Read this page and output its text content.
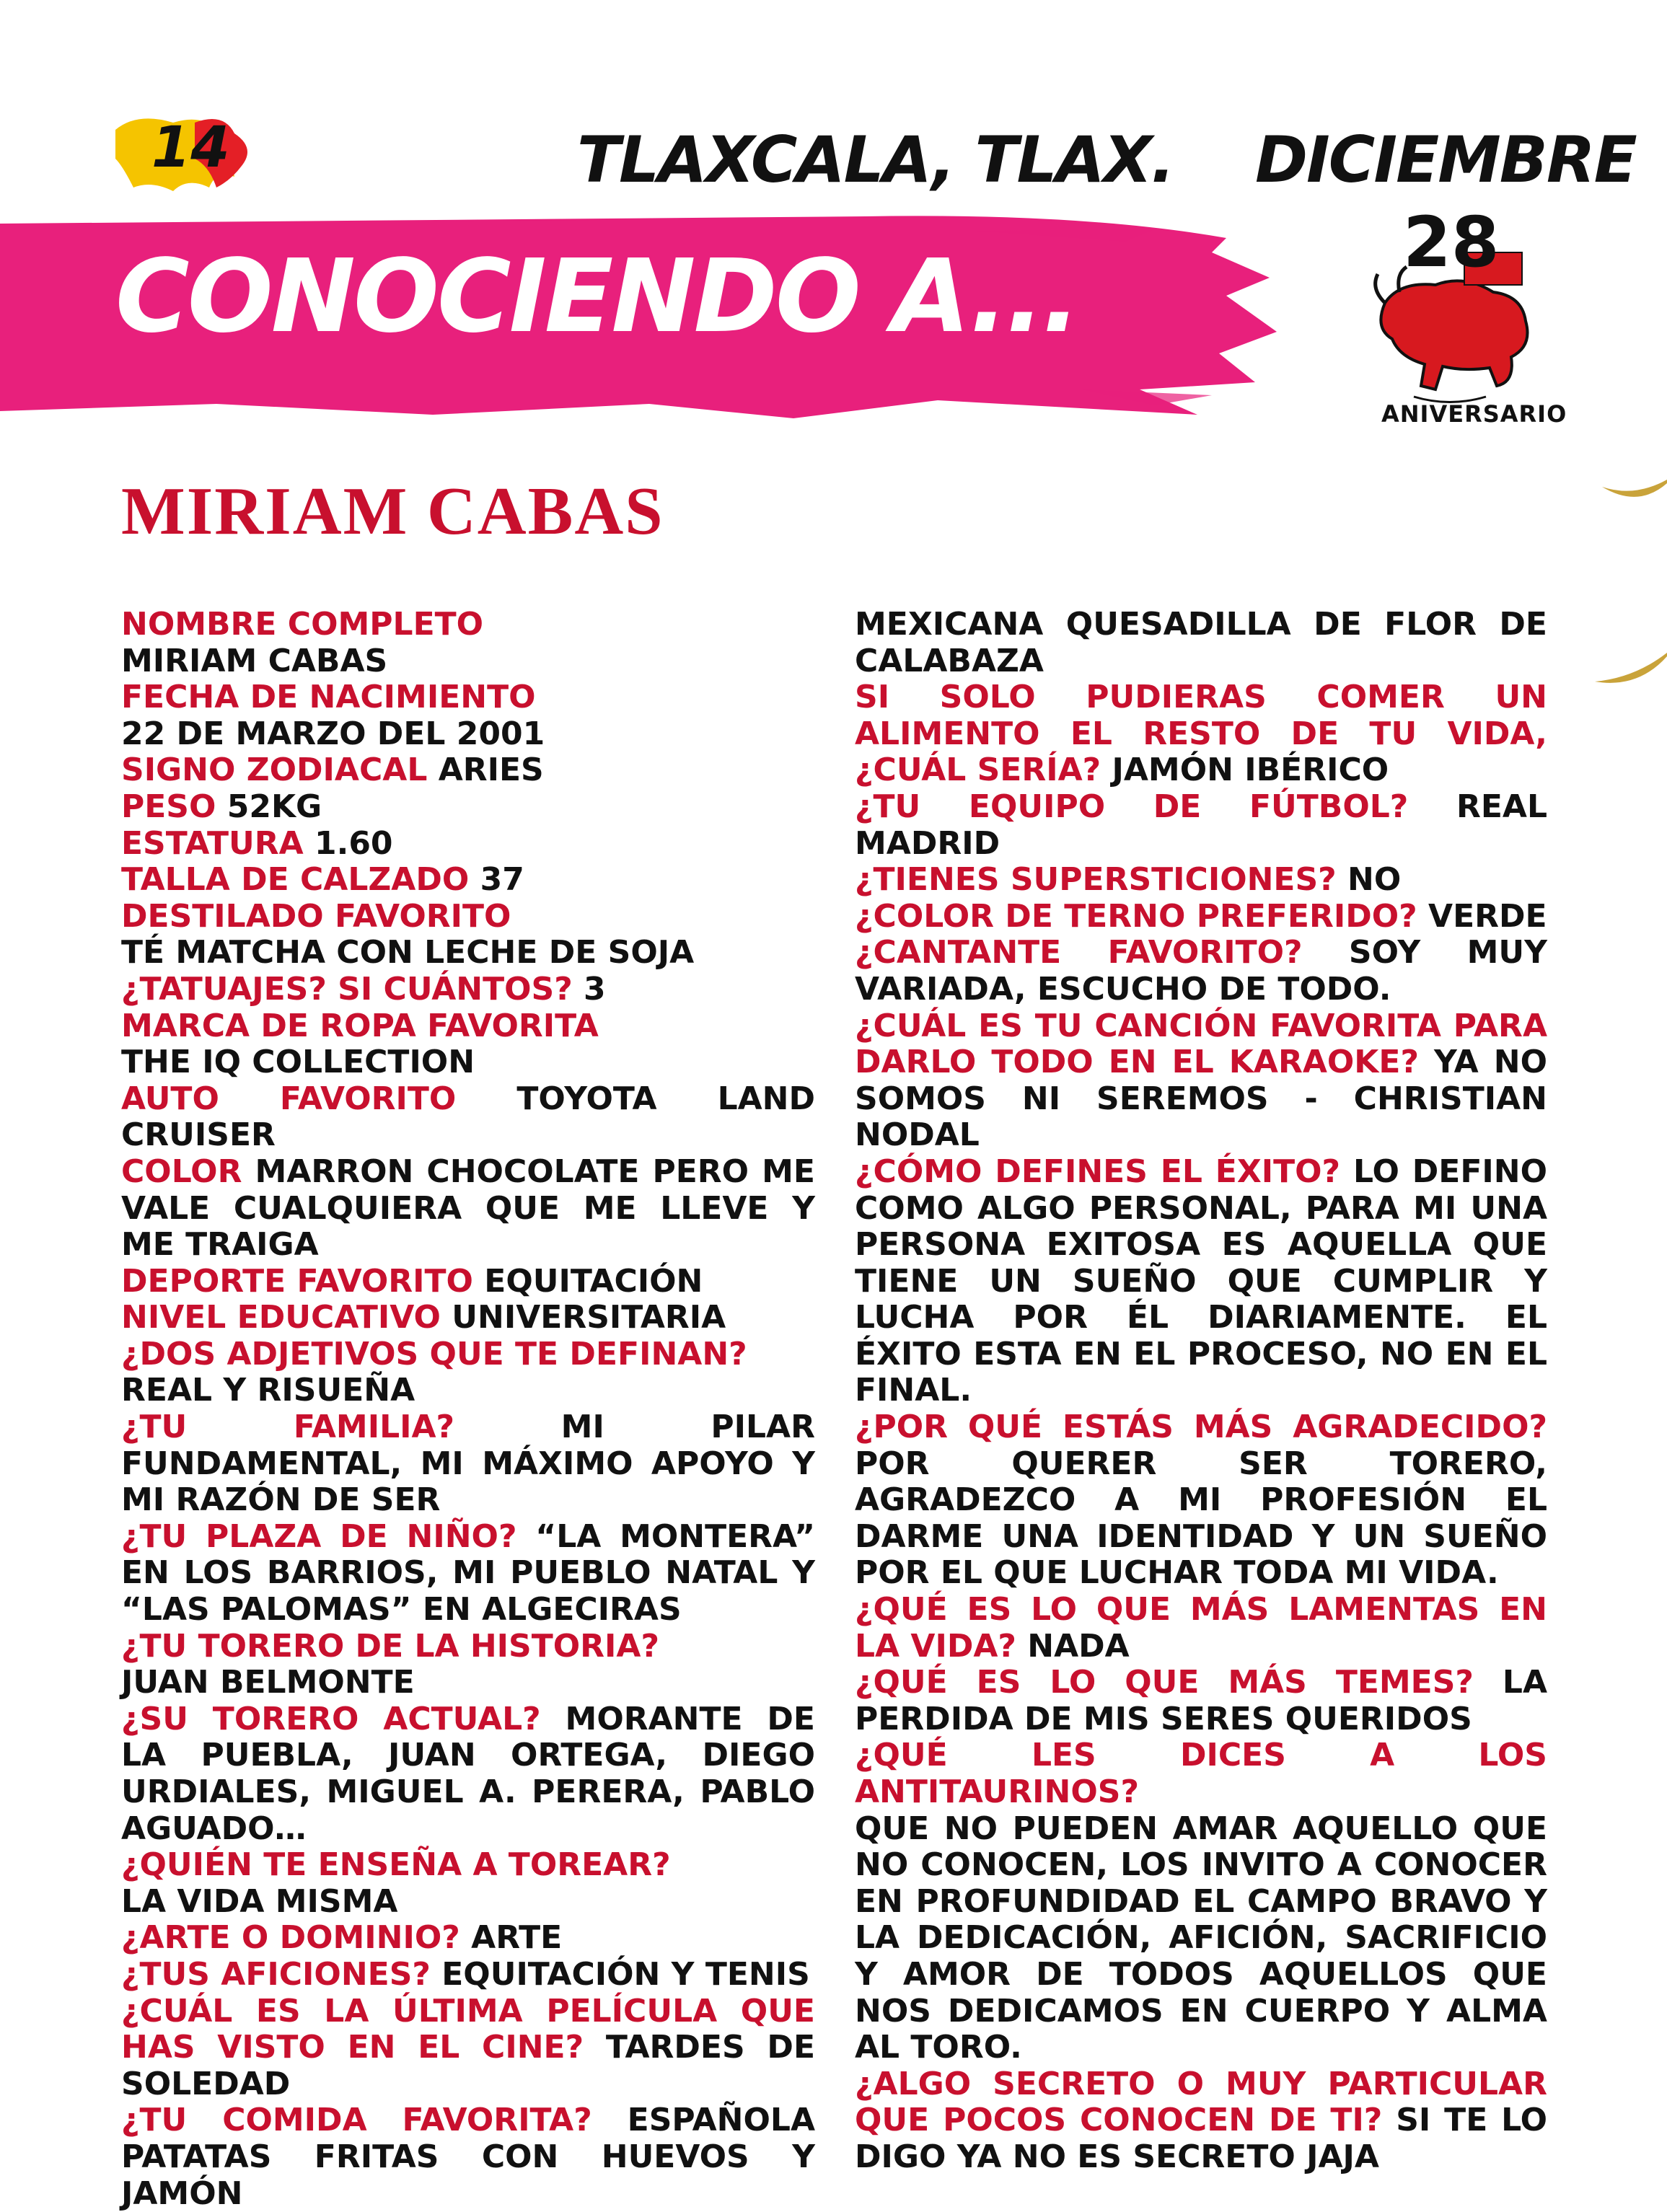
14	TLAXCALA, TLAX. DICIEMBRE
CONOCIENDO A...	28
ANIVERSARIO
MIRIAM CABAS

NOMBRE COMPLETO
MIRIAM CABAS

FECHA DE NACIMIENTO
22 DE MARZO DEL 2001

SIGNO ZODIACAL ARIES

PESO 52KG

ESTATURA 1.60

TALLA DE CALZADO 37

DESTILADO FAVORITO
TÉ MATCHA CON LECHE DE SOJA

¿TATUAJES? SI CUÁNTOS? 3

MARCA DE ROPA FAVORITA
THE IQ COLLECTION

AUTO FAVORITO TOYOTA LAND CRUISER

COLOR MARRON CHOCOLATE PERO ME VALE CUALQUIERA QUE ME LLEVE Y ME TRAIGA

DEPORTE FAVORITO EQUITACIÓN

NIVEL EDUCATIVO UNIVERSITARIA

¿DOS ADJETIVOS QUE TE DEFINAN?
REAL Y RISUEÑA

¿TU FAMILIA?	MI PILAR FUNDAMENTAL, MI MÁXIMO APOYO Y MI RAZÓN DE SER

¿TU PLAZA DE NIÑO? “LA MONTERA” EN LOS BARRIOS, MI PUEBLO NATAL Y “LAS PALOMAS” EN ALGECIRAS

¿TU TORERO DE LA HISTORIA?
JUAN BELMONTE

¿SU TORERO ACTUAL? MORANTE DE LA PUEBLA, JUAN ORTEGA, DIEGO URDIALES, MIGUEL A. PERERA, PABLO AGUADO…

¿QUIÉN TE ENSEÑA A TOREAR?
LA VIDA MISMA

¿ARTE O DOMINIO? ARTE

¿TUS AFICIONES? EQUITACIÓN Y TENIS

¿CUÁL ES LA ÚLTIMA PELÍCULA QUE HAS VISTO EN EL CINE? TARDES DE SOLEDAD

¿TU COMIDA FAVORITA? ESPAÑOLA PATATAS FRITAS CON HUEVOS Y JAMÓN

MEXICANA QUESADILLA DE FLOR DE CALABAZA

SI SOLO PUDIERAS COMER UN ALIMENTO EL RESTO DE TU VIDA, ¿CUÁL SERÍA? JAMÓN IBÉRICO

¿TU EQUIPO DE FÚTBOL? REAL MADRID

¿TIENES SUPERSTICIONES? NO

¿COLOR DE TERNO PREFERIDO? VERDE

¿CANTANTE FAVORITO? SOY MUY VARIADA, ESCUCHO DE TODO.

¿CUÁL ES TU CANCIÓN FAVORITA PARA DARLO TODO EN EL KARAOKE? YA NO SOMOS NI SEREMOS - CHRISTIAN NODAL

¿CÓMO DEFINES EL ÉXITO? LO DEFINO COMO ALGO PERSONAL, PARA MI UNA PERSONA EXITOSA ES AQUELLA QUE TIENE UN SUEÑO QUE CUMPLIR Y LUCHA POR ÉL DIARIAMENTE. EL ÉXITO ESTA EN EL PROCESO, NO EN EL FINAL.

¿POR QUÉ ESTÁS MÁS AGRADECIDO? POR QUERER SER TORERO, AGRADEZCO A MI PROFESIÓN EL DARME UNA IDENTIDAD Y UN SUEÑO POR EL QUE LUCHAR TODA MI VIDA.

¿QUÉ ES LO QUE MÁS LAMENTAS EN LA VIDA? NADA

¿QUÉ ES LO QUE MÁS TEMES? LA PERDIDA DE MIS SERES QUERIDOS

¿QUÉ LES DICES A LOS ANTITAURINOS?
QUE NO PUEDEN AMAR AQUELLO QUE NO CONOCEN, LOS INVITO A CONOCER EN PROFUNDIDAD EL CAMPO BRAVO Y LA DEDICACIÓN, AFICIÓN, SACRIFICIO Y AMOR DE TODOS AQUELLOS QUE NOS DEDICAMOS EN CUERPO Y ALMA AL TORO.

¿ALGO SECRETO O MUY PARTICULAR QUE POCOS CONOCEN DE TI? SI TE LO DIGO YA NO ES SECRETO JAJA
